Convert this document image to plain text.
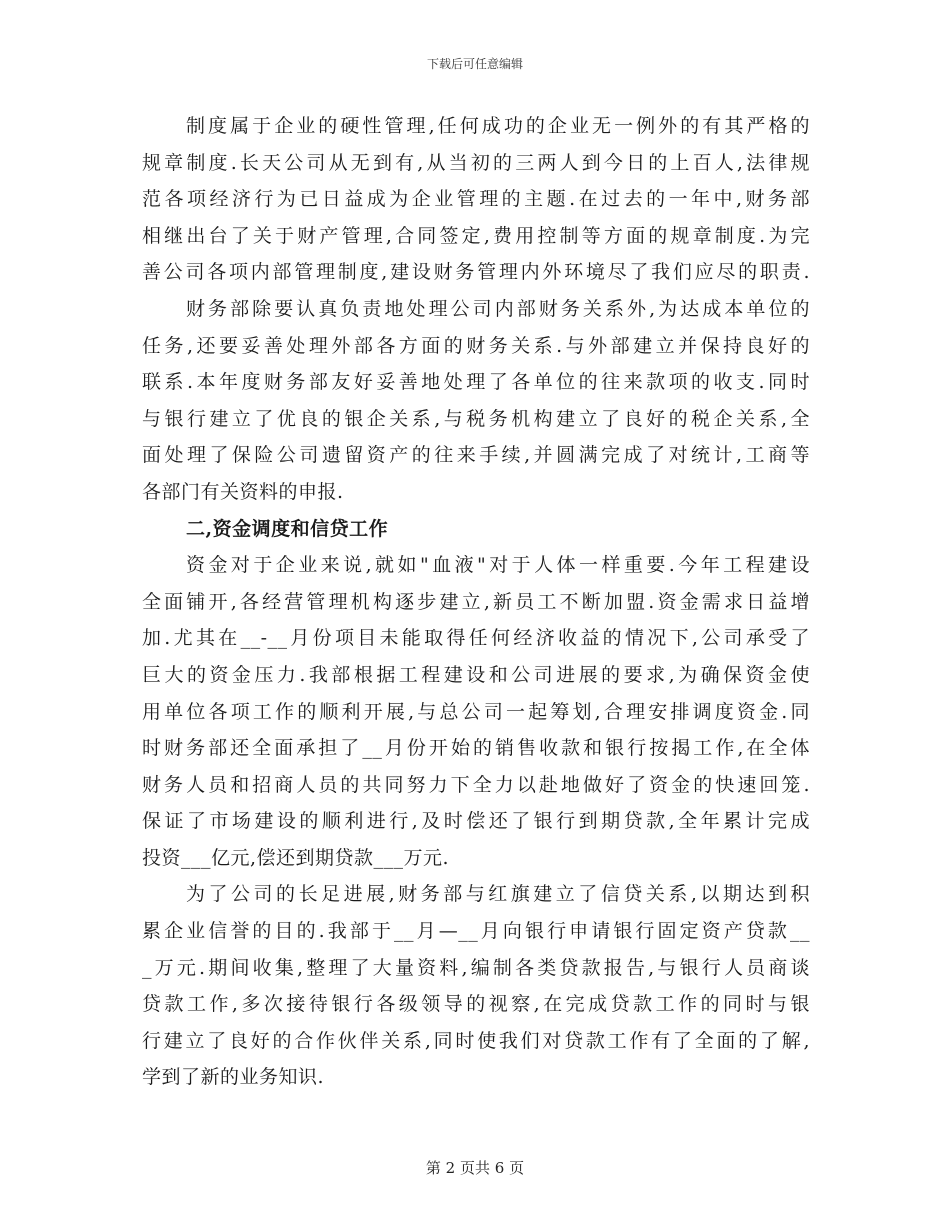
下载后可任意编辑
制度属于企业的硬性管理,任何成功的企业无一例外的有其严格的
规章制度.长天公司从无到有,从当初的三两人到今日的上百人,法律规
范各项经济行为已日益成为企业管理的主题.在过去的一年中,财务部
相继出台了关于财产管理,合同签定,费用控制等方面的规章制度.为完
善公司各项内部管理制度,建设财务管理内外环境尽了我们应尽的职责.
财务部除要认真负责地处理公司内部财务关系外,为达成本单位的
任务,还要妥善处理外部各方面的财务关系.与外部建立并保持良好的
联系.本年度财务部友好妥善地处理了各单位的往来款项的收支.同时
与银行建立了优良的银企关系,与税务机构建立了良好的税企关系,全
面处理了保险公司遗留资产的往来手续,并圆满完成了对统计,工商等
各部门有关资料的申报.
二,资金调度和信贷工作
资金对于企业来说,就如"血液"对于人体一样重要.今年工程建设
全面铺开,各经营管理机构逐步建立,新员工不断加盟.资金需求日益增
加.尤其在__-__月份项目未能取得任何经济收益的情况下,公司承受了
巨大的资金压力.我部根据工程建设和公司进展的要求,为确保资金使
用单位各项工作的顺利开展,与总公司一起筹划,合理安排调度资金.同
时财务部还全面承担了__月份开始的销售收款和银行按揭工作,在全体
财务人员和招商人员的共同努力下全力以赴地做好了资金的快速回笼.
保证了市场建设的顺利进行,及时偿还了银行到期贷款,全年累计完成
投资___亿元,偿还到期贷款___万元.
为了公司的长足进展,财务部与红旗建立了信贷关系,以期达到积
累企业信誉的目的.我部于__月—__月向银行申请银行固定资产贷款__
_万元.期间收集,整理了大量资料,编制各类贷款报告,与银行人员商谈
贷款工作,多次接待银行各级领导的视察,在完成贷款工作的同时与银
行建立了良好的合作伙伴关系,同时使我们对贷款工作有了全面的了解,
学到了新的业务知识.
第 2 页共 6 页
